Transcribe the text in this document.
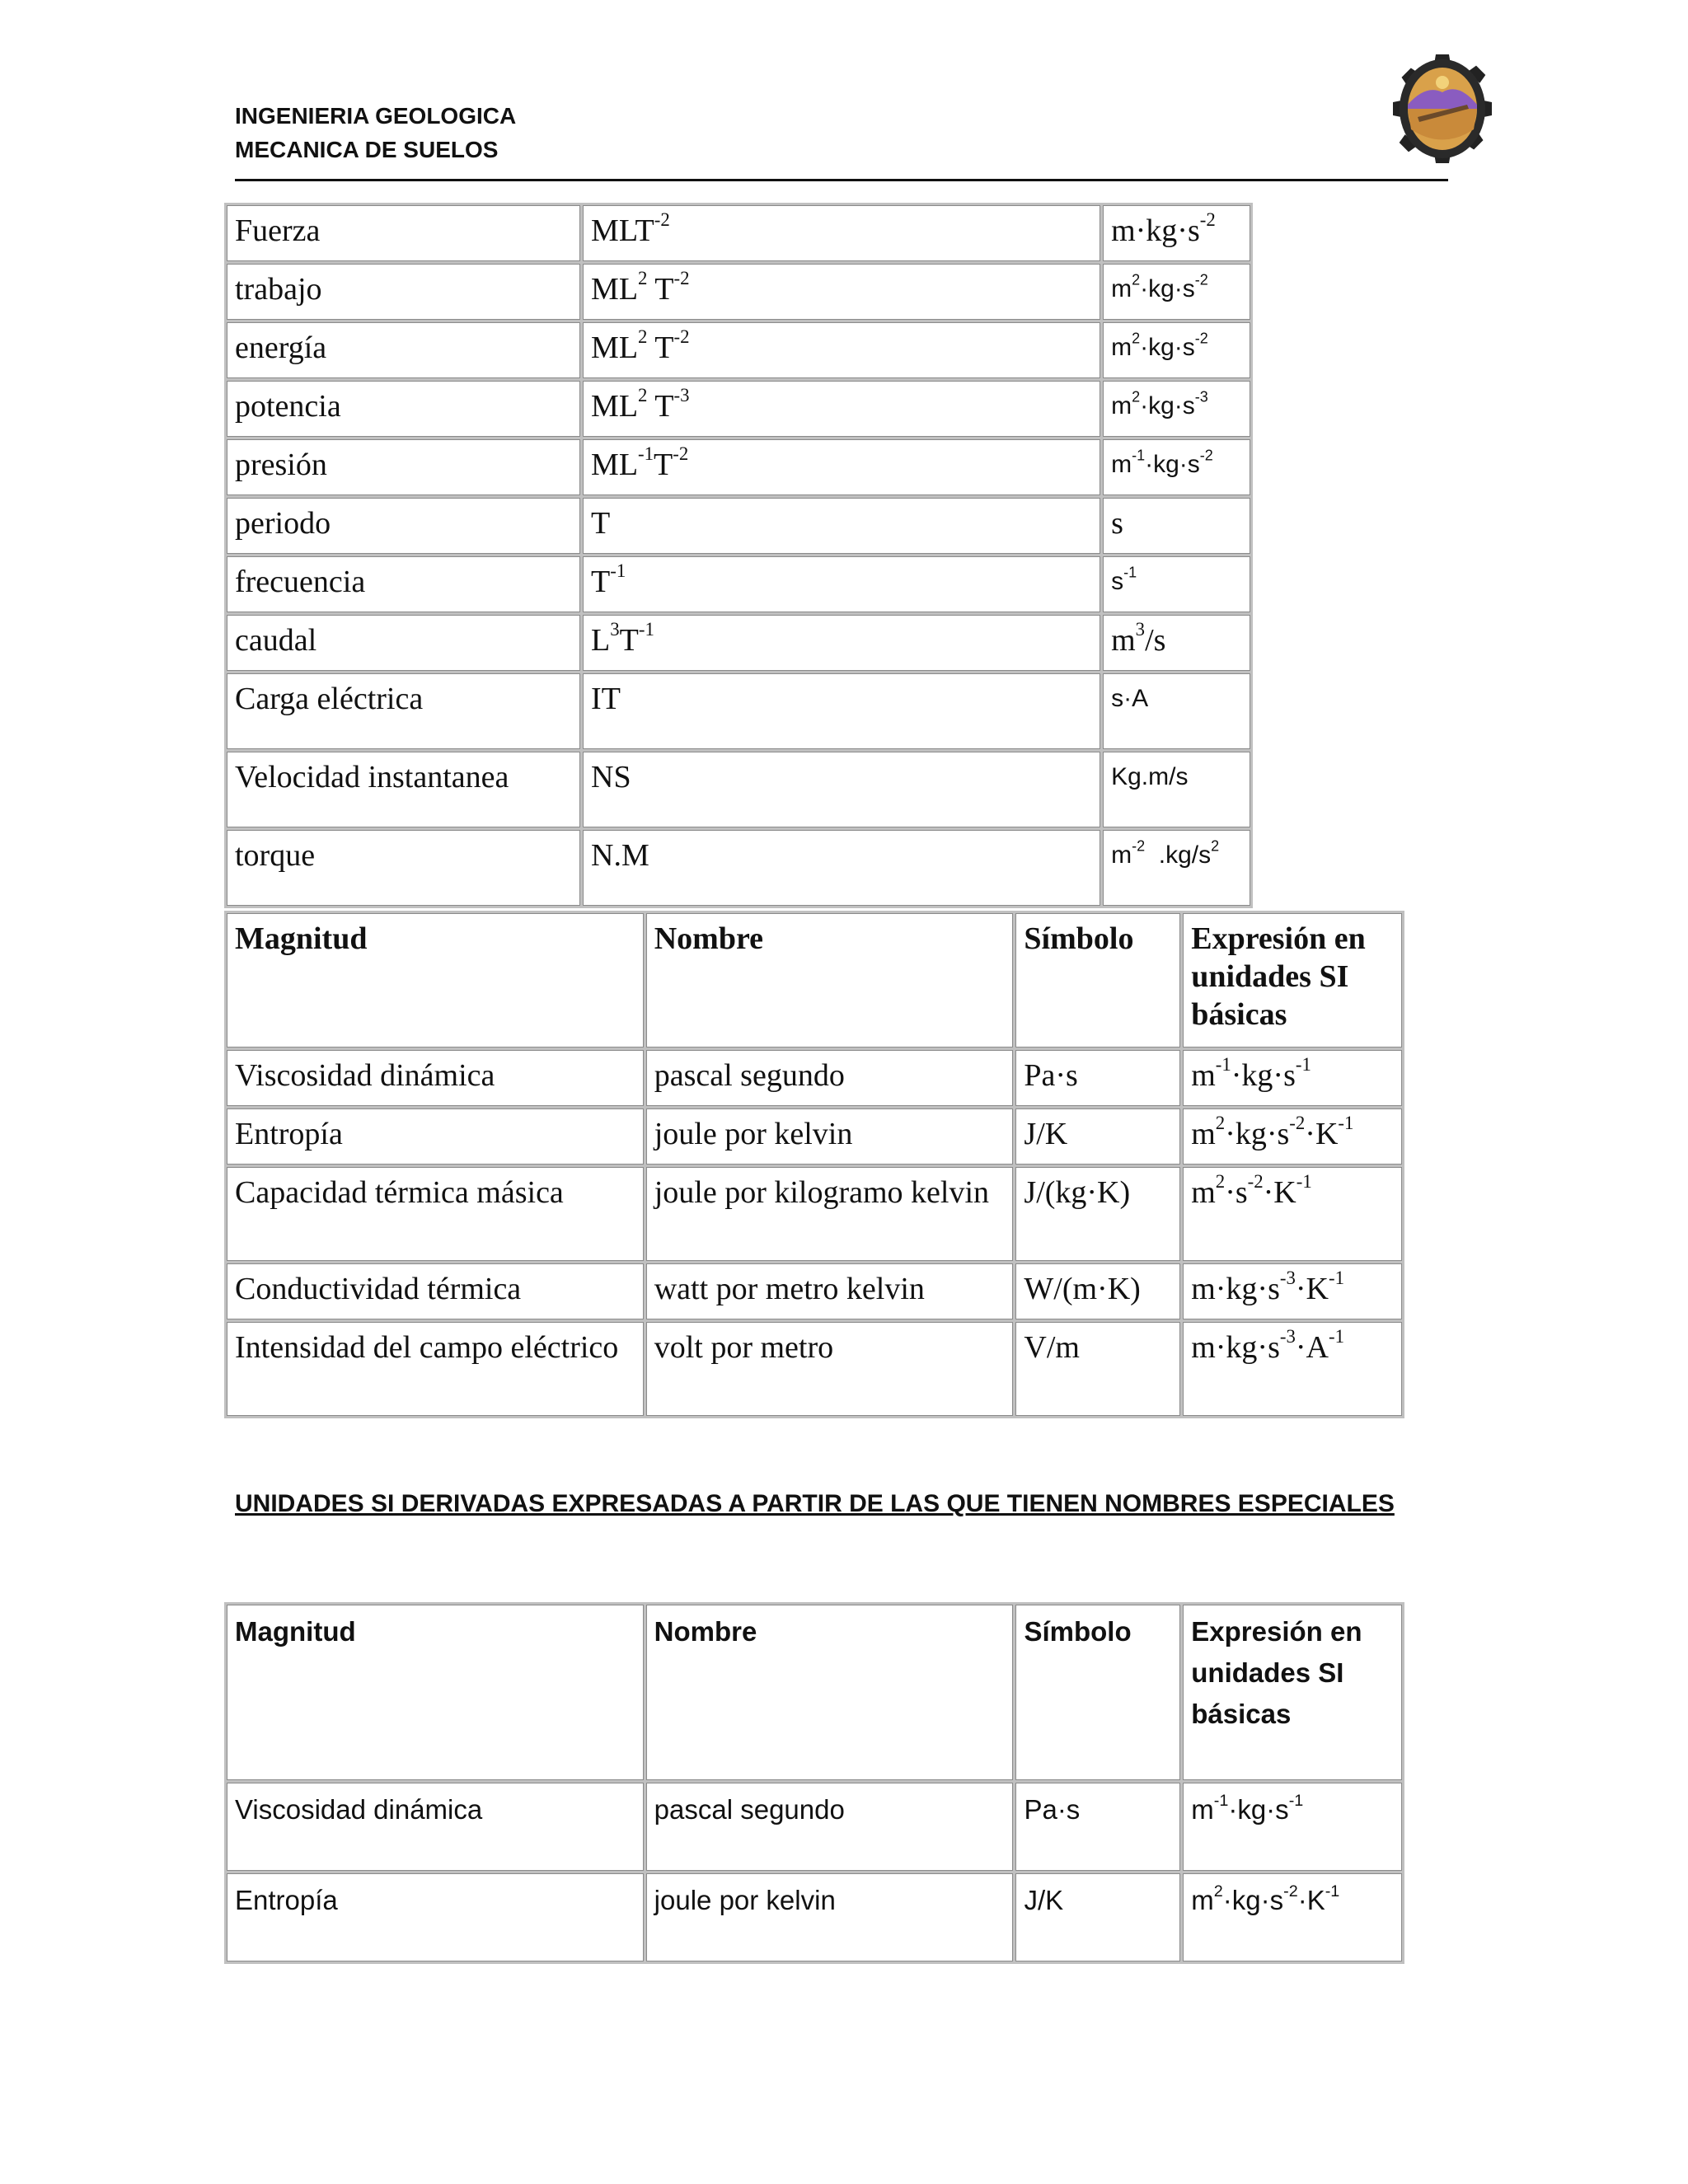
INGENIERIA GEOLOGICA
MECANICA DE SUELOS
Fuerza	$MLT^{-2}$	$m\cdot kg\cdot s^{-2}$
trabajo	$ML^2$ $T^{-2}$	$m^2\cdot kg\cdot s^{-2}$
energía	$ML^2$ $T^{-2}$	$m^2\cdot kg\cdot s^{-2}$
potencia	$ML^2$ $T^{-3}$	$m^2\cdot kg\cdot s^{-3}$
presión	$ML^{-1}T^{-2}$	$m^{-1}\cdot kg\cdot s^{-2}$
periodo	T	s
frecuencia	$T^{-1}$	$s^{-1}$
caudal	$L^3T^{-1}$	$m^3/s$
Carga eléctrica	IT	s·A
Velocidad instantanea	NS	Kg.m/s
torque	N.M	$m^{-2}$  $.kg/s^2$
Magnitud	Nombre	Símbolo	Expresión en unidades SI básicas
Viscosidad dinámica	pascal segundo	Pa·s	$m^{-1}\cdot kg\cdot s^{-1}$
Entropía	joule por kelvin	J/K	$m^2\cdot kg\cdot s^{-2}\cdot K^{-1}$
Capacidad térmica másica	joule por kilogramo kelvin	J/(kg·K)	$m^2\cdot s^{-2}\cdot K^{-1}$
Conductividad térmica	watt por metro kelvin	W/(m·K)	$m\cdot kg\cdot s^{-3}\cdot K^{-1}$
Intensidad del campo eléctrico	volt por metro	V/m	$m\cdot kg\cdot s^{-3}\cdot A^{-1}$
UNIDADES SI DERIVADAS EXPRESADAS A PARTIR DE LAS QUE TIENEN NOMBRES ESPECIALES
Magnitud	Nombre	Símbolo	Expresión en unidades SI básicas
Viscosidad dinámica	pascal segundo	Pa·s	$m^{-1}\cdot kg\cdot s^{-1}$
Entropía	joule por kelvin	J/K	$m^2\cdot kg\cdot s^{-2}\cdot K^{-1}$
